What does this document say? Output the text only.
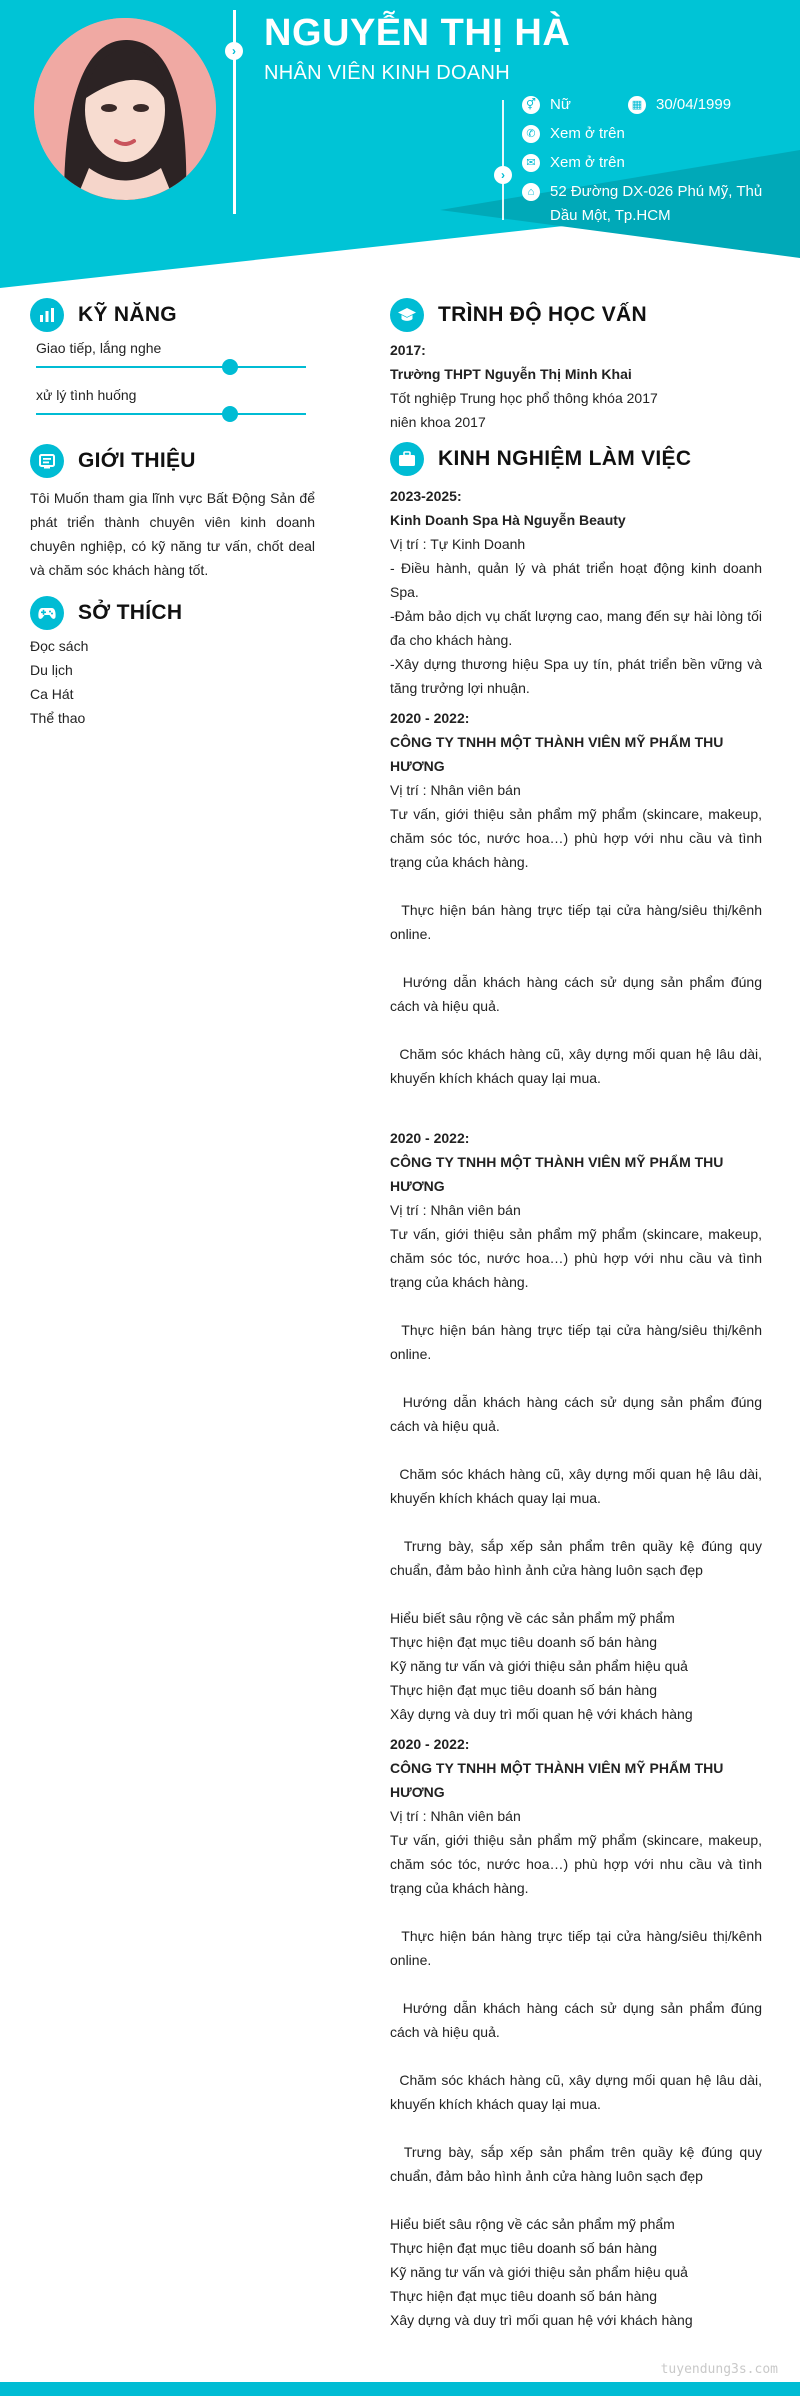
› NGUYỄN THỊ HÀ
NHÂN VIÊN KINH DOANH
›
⚥ Nữ	▦ 30/04/1999
✆ Xem ở trên
✉ Xem ở trên
⌂	52 Đường DX-026 Phú Mỹ, Thủ Dầu Một, Tp.HCM
KỸ NĂNG
Giao tiếp, lắng nghe
xử lý tình huống
GIỚI THIỆU
Tôi Muốn tham gia lĩnh vực Bất Động Sản để phát triển thành chuyên viên kinh doanh chuyên nghiệp, có kỹ năng tư vấn, chốt deal và chăm sóc khách hàng tốt.
SỞ THÍCH
Đọc sách
Du lịch
Ca Hát
Thể thao
TRÌNH ĐỘ HỌC VẤN
2017:
Trường THPT Nguyễn Thị Minh Khai
Tốt nghiệp Trung học phổ thông khóa 2017
niên khoa 2017
KINH NGHIỆM LÀM VIỆC
2023-2025:
Kinh Doanh Spa Hà Nguyễn Beauty
Vị trí : Tự Kinh Doanh

- Điều hành, quản lý và phát triển hoạt động kinh doanh Spa.

-Đảm bảo dịch vụ chất lượng cao, mang đến sự hài lòng tối đa cho khách hàng.

-Xây dựng thương hiệu Spa uy tín, phát triển bền vững và tăng trưởng lợi nhuận.

2020 - 2022:
CÔNG TY TNHH MỘT THÀNH VIÊN MỸ PHẨM THU HƯƠNG
Vị trí : Nhân viên bán

Tư vấn, giới thiệu sản phẩm mỹ phẩm (skincare, makeup, chăm sóc tóc, nước hoa…) phù hợp với nhu cầu và tình trạng của khách hàng.

Thực hiện bán hàng trực tiếp tại cửa hàng/siêu thị/kênh online.

Hướng dẫn khách hàng cách sử dụng sản phẩm đúng cách và hiệu quả.

Chăm sóc khách hàng cũ, xây dựng mối quan hệ lâu dài, khuyến khích khách quay lại mua.

2020 - 2022:
CÔNG TY TNHH MỘT THÀNH VIÊN MỸ PHẨM THU HƯƠNG
Vị trí : Nhân viên bán

Tư vấn, giới thiệu sản phẩm mỹ phẩm (skincare, makeup, chăm sóc tóc, nước hoa…) phù hợp với nhu cầu và tình trạng của khách hàng.

Thực hiện bán hàng trực tiếp tại cửa hàng/siêu thị/kênh online.

Hướng dẫn khách hàng cách sử dụng sản phẩm đúng cách và hiệu quả.

Chăm sóc khách hàng cũ, xây dựng mối quan hệ lâu dài, khuyến khích khách quay lại mua.

Trưng bày, sắp xếp sản phẩm trên quầy kệ đúng quy chuẩn, đảm bảo hình ảnh cửa hàng luôn sạch đẹp

Hiểu biết sâu rộng về các sản phẩm mỹ phẩm
Thực hiện đạt mục tiêu doanh số bán hàng
Kỹ năng tư vấn và giới thiệu sản phẩm hiệu quả
Thực hiện đạt mục tiêu doanh số bán hàng
Xây dựng và duy trì mối quan hệ với khách hàng
2020 - 2022:
CÔNG TY TNHH MỘT THÀNH VIÊN MỸ PHẨM THU HƯƠNG
Vị trí : Nhân viên bán

Tư vấn, giới thiệu sản phẩm mỹ phẩm (skincare, makeup, chăm sóc tóc, nước hoa…) phù hợp với nhu cầu và tình trạng của khách hàng.

Thực hiện bán hàng trực tiếp tại cửa hàng/siêu thị/kênh online.

Hướng dẫn khách hàng cách sử dụng sản phẩm đúng cách và hiệu quả.

Chăm sóc khách hàng cũ, xây dựng mối quan hệ lâu dài, khuyến khích khách quay lại mua.

Trưng bày, sắp xếp sản phẩm trên quầy kệ đúng quy chuẩn, đảm bảo hình ảnh cửa hàng luôn sạch đẹp

Hiểu biết sâu rộng về các sản phẩm mỹ phẩm
Thực hiện đạt mục tiêu doanh số bán hàng
Kỹ năng tư vấn và giới thiệu sản phẩm hiệu quả
Thực hiện đạt mục tiêu doanh số bán hàng
Xây dựng và duy trì mối quan hệ với khách hàng
tuyendung3s.com
